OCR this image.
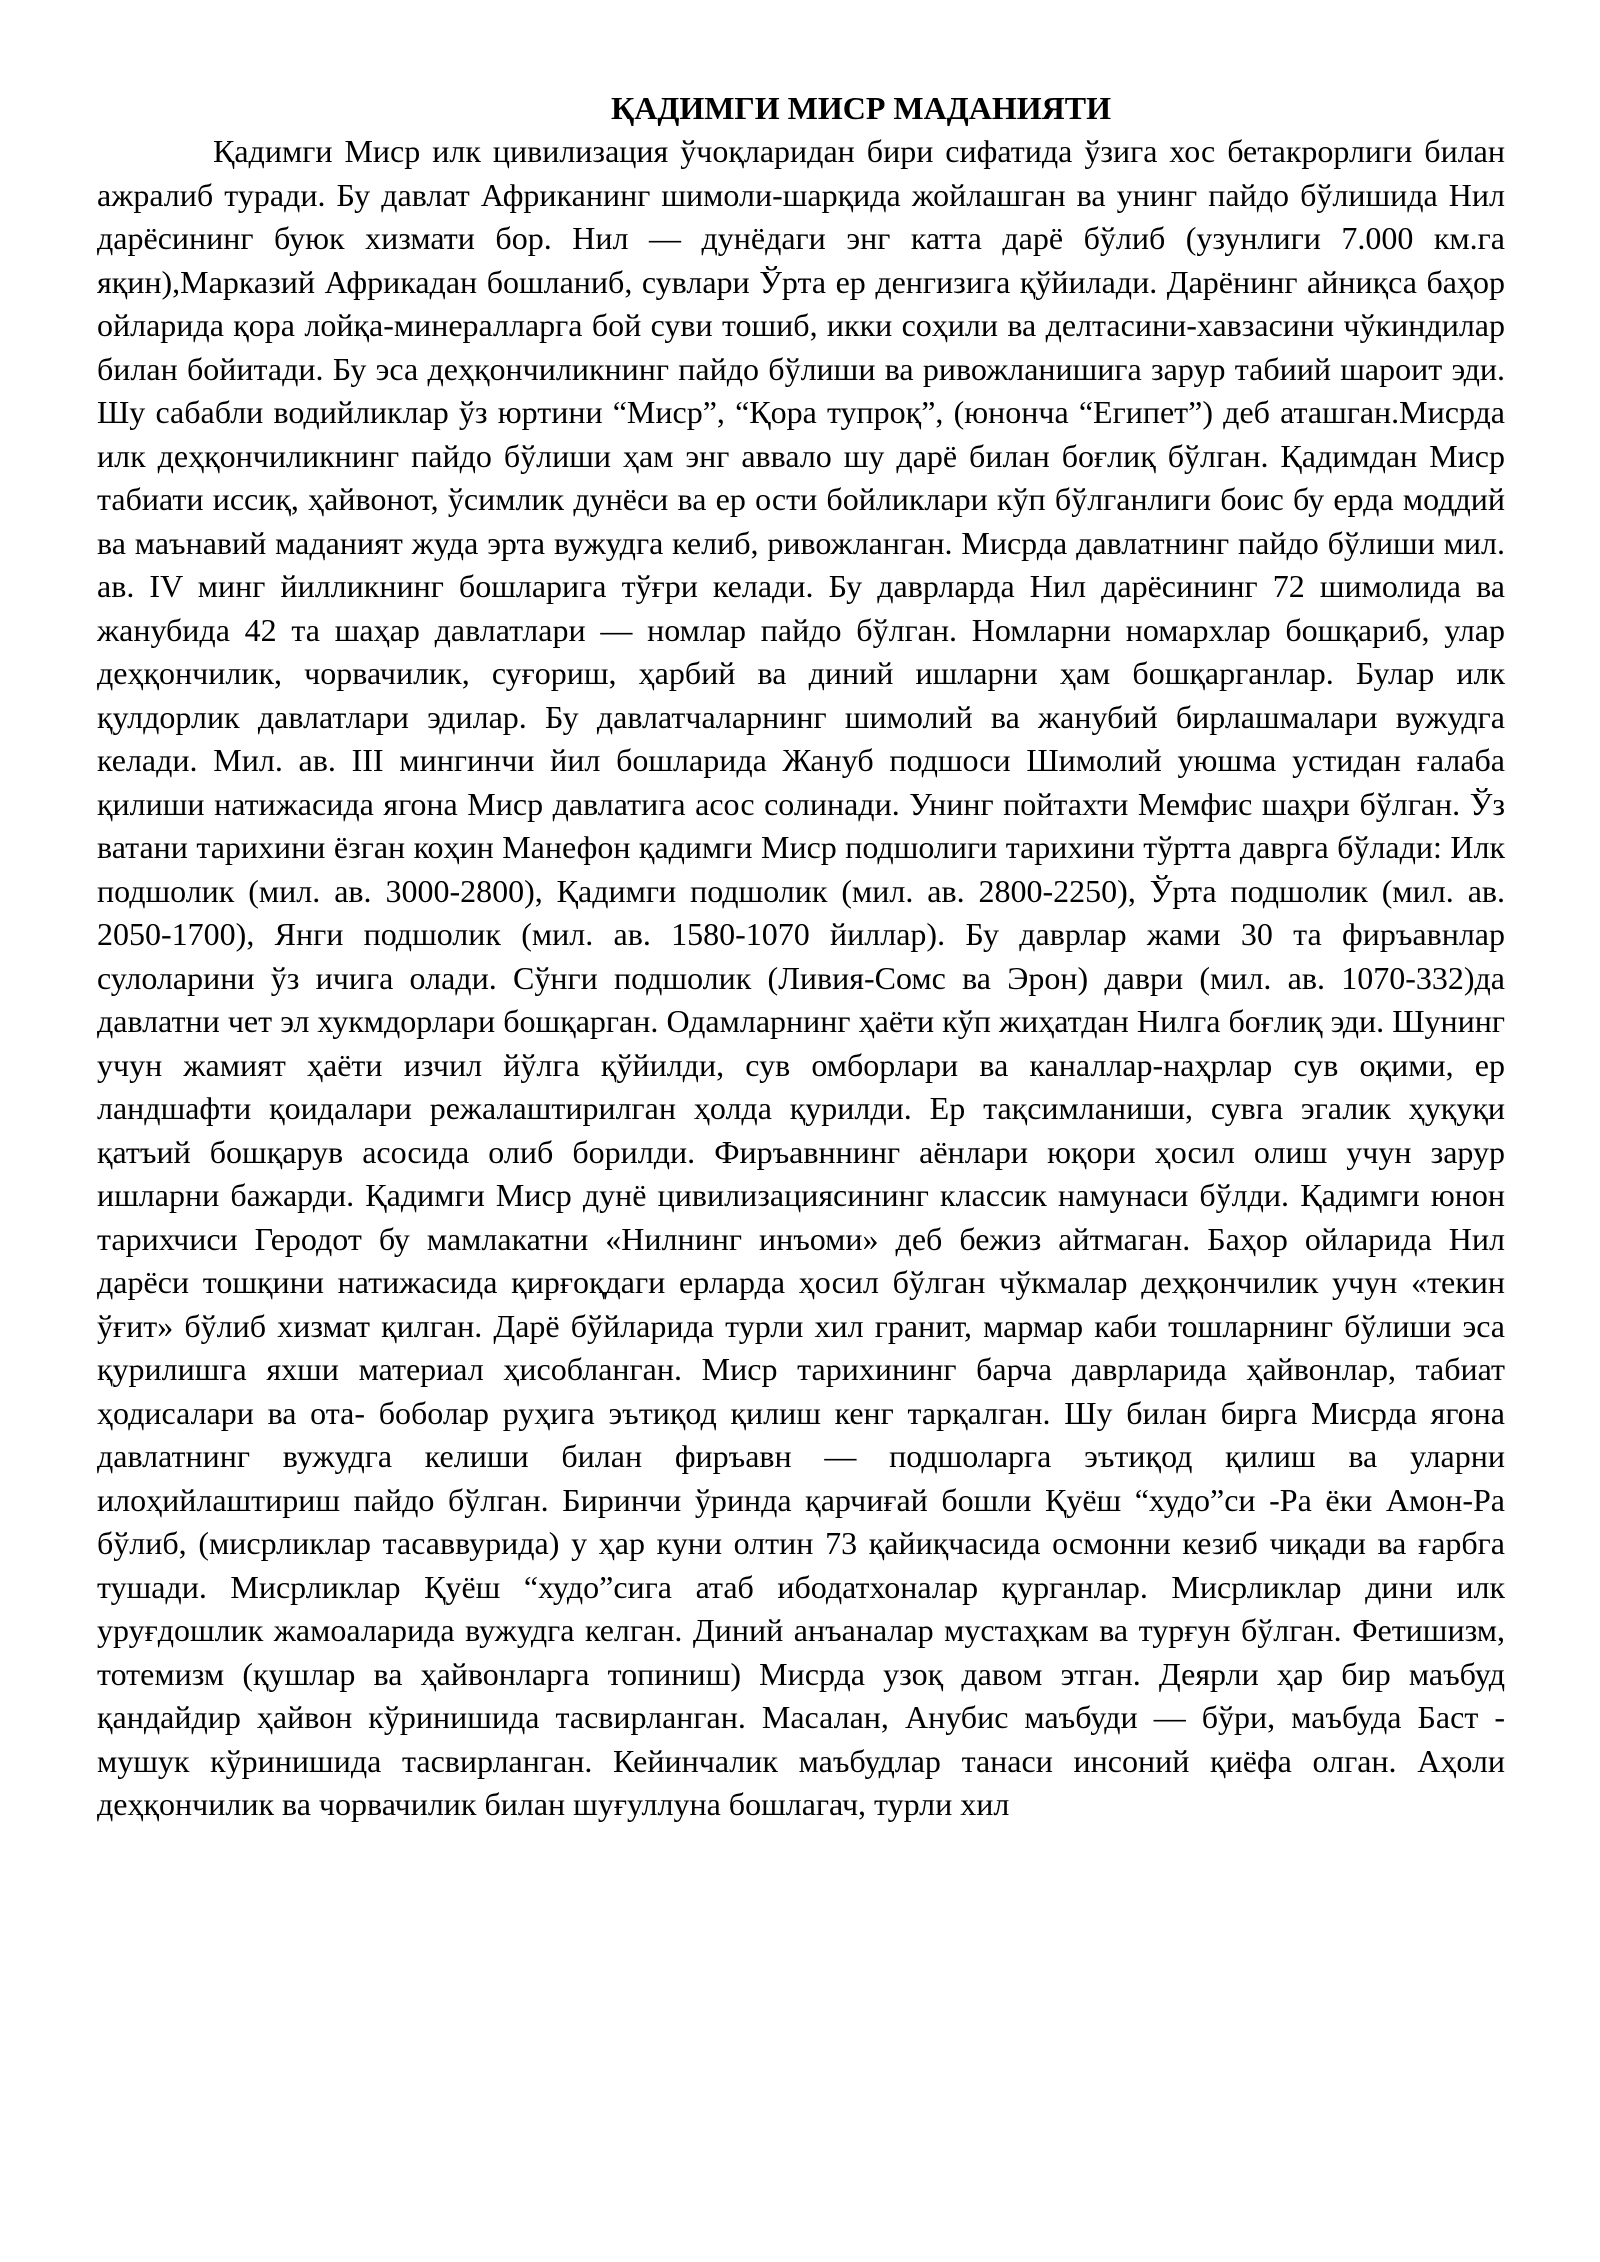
ҚАДИМГИ МИСР МАДАНИЯТИ

Қадимги Миср илк цивилизация ўчоқларидан бири сифатида ўзига хос бетакрорлиги билан ажралиб туради. Бу давлат Африканинг шимоли-шарқида жойлашган ва унинг пайдо бўлишида Нил дарёсининг буюк хизмати бор. Нил — дунёдаги энг катта дарё бўлиб (узунлиги 7.000 км.га яқин),Марказий Африкадан бошланиб, сувлари Ўрта ер денгизига қўйилади. Дарёнинг айниқса баҳор ойларида қора лойқа-минералларга бой суви тошиб, икки соҳили ва делтасини-хавзасини чўкиндилар билан бойитади. Бу эса деҳқончиликнинг пайдо бўлиши ва ривожланишига зарур табиий шароит эди. Шу сабабли водийликлар ўз юртини “Миср”, “Қора тупроқ”, (юнонча “Египет”) деб аташган.Мисрда илк деҳқончиликнинг пайдо бўлиши ҳам энг аввало шу дарё билан боғлиқ бўлган. Қадимдан Миср табиати иссиқ, ҳайвонот, ўсимлик дунёси ва ер ости бойликлари кўп бўлганлиги боис бу ерда моддий ва маънавий маданият жуда эрта вужудга келиб, ривожланган. Мисрда давлатнинг пайдо бўлиши мил. ав. IV минг йилликнинг бошларига тўғри келади. Бу даврларда Нил дарёсининг 72 шимолида ва жанубида 42 та шаҳар давлатлари — номлар пайдо бўлган. Номларни номархлар бошқариб, улар деҳқончилик, чорвачилик, суғориш, ҳарбий ва диний ишларни ҳам бошқарганлар. Булар илк қулдорлик давлатлари эдилар. Бу давлатчаларнинг шимолий ва жанубий бирлашмалари вужудга келади. Мил. ав. III мингинчи йил бошларида Жануб подшоси Шимолий уюшма устидан ғалаба қилиши натижасида ягона Миср давлатига асос солинади. Унинг пойтахти Мемфис шаҳри бўлган. Ўз ватани тарихини ёзган коҳин Манефон қадимги Миср подшолиги тарихини тўртта даврга бўлади: Илк подшолик (мил. ав. 3000-2800), Қадимги подшолик (мил. ав. 2800-2250), Ўрта подшолик (мил. ав. 2050-1700), Янги подшолик (мил. ав. 1580-1070 йиллар). Бу даврлар жами 30 та фиръавнлар сулоларини ўз ичига олади. Сўнги подшолик (Ливия-Сомс ва Эрон) даври (мил. ав. 1070-332)да давлатни чет эл хукмдорлари бошқарган. Одамларнинг ҳаёти кўп жиҳатдан Нилга боғлиқ эди. Шунинг учун жамият ҳаёти изчил йўлга қўйилди, сув омборлари ва каналлар-наҳрлар сув оқими, ер ландшафти қоидалари режалаштирилган ҳолда қурилди. Ер тақсимланиши, сувга эгалик ҳуқуқи қатъий бошқарув асосида олиб борилди. Фиръавннинг аёнлари юқори ҳосил олиш учун зарур ишларни бажарди. Қадимги Миср дунё цивилизациясининг классик намунаси бўлди. Қадимги юнон тарихчиси Геродот бу мамлакатни «Нилнинг инъоми» деб бежиз айтмаган. Баҳор ойларида Нил дарёси тошқини натижасида қирғоқдаги ерларда ҳосил бўлган чўкмалар деҳқончилик учун «текин ўғит» бўлиб хизмат қилган. Дарё бўйларида турли хил гранит, мармар каби тошларнинг бўлиши эса қурилишга яхши материал ҳисобланган. Миср тарихининг барча даврларида ҳайвонлар, табиат ҳодисалари ва ота- боболар руҳига эътиқод қилиш кенг тарқалган. Шу билан бирга Мисрда ягона давлатнинг вужудга келиши билан фиръавн — подшоларга эътиқод қилиш ва уларни илоҳийлаштириш пайдо бўлган. Биринчи ўринда қарчиғай бошли Қуёш “худо”си -Ра ёки Амон-Ра бўлиб, (мисрликлар тасаввурида) у ҳар куни олтин 73 қайиқчасида осмонни кезиб чиқади ва ғарбга тушади. Мисрликлар Қуёш “худо”сига атаб ибодатхоналар қурганлар. Мисрликлар дини илк уруғдошлик жамоаларида вужудга келган. Диний анъаналар мустаҳкам ва турғун бўлган. Фетишизм, тотемизм (қушлар ва ҳайвонларга топиниш) Мисрда узоқ давом этган. Деярли ҳар бир маъбуд қандайдир ҳайвон кўринишида тасвирланган. Масалан, Анубис маъбуди — бўри, маъбуда Баст - мушук кўринишида тасвирланган. Кейинчалик маъбудлар танаси инсоний қиёфа олган. Аҳоли деҳқончилик ва чорвачилик билан шуғуллуна бошлагач, турли хил
